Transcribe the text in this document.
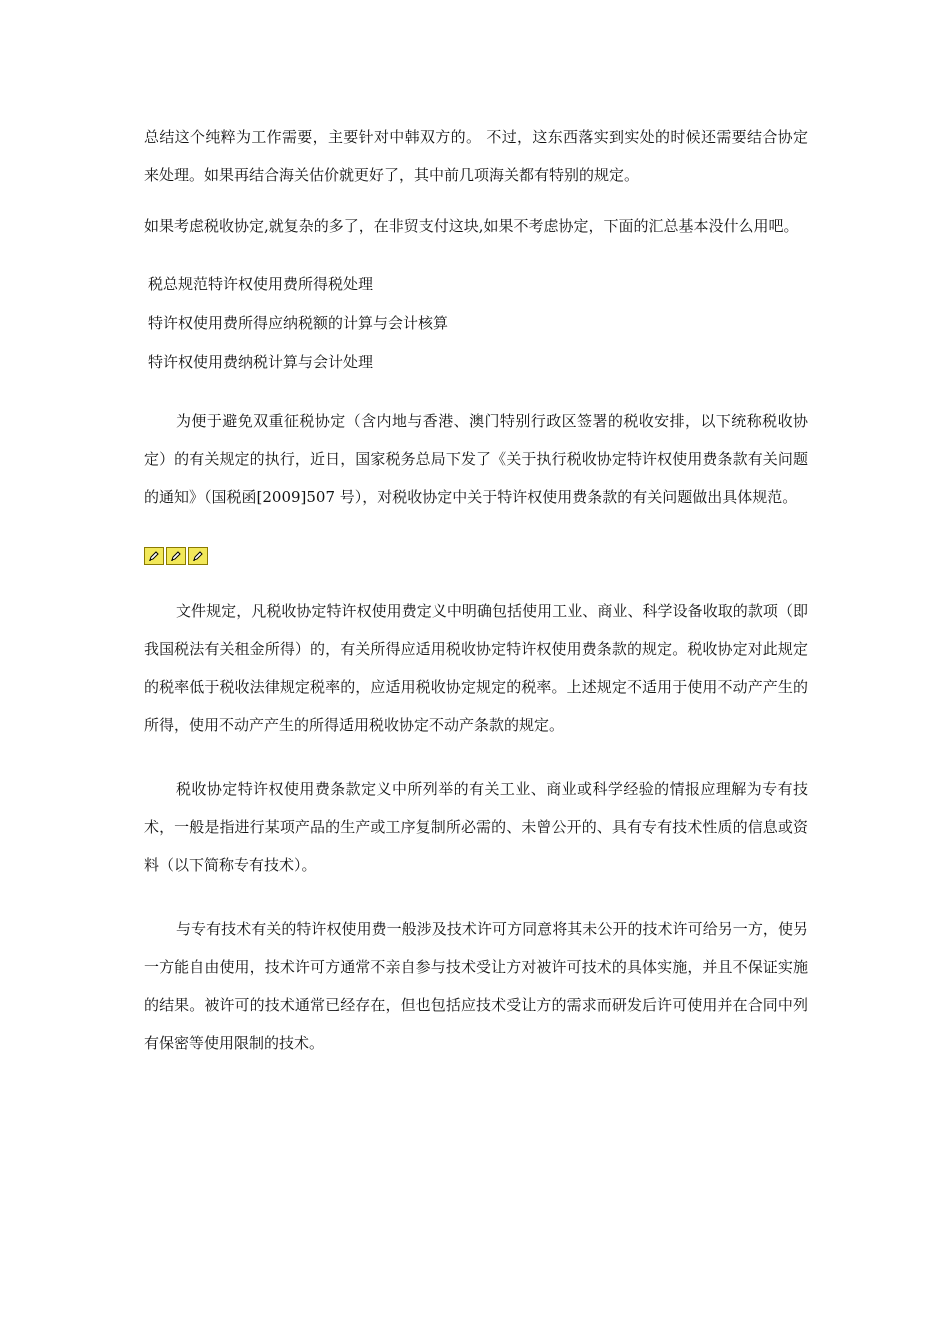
总结这个纯粹为工作需要，主要针对中韩双方的。 不过，这东西落实到实处的时候还需要结合协定来处理。如果再结合海关估价就更好了，其中前几项海关都有特别的规定。

如果考虑税收协定,就复杂的多了，在非贸支付这块,如果不考虑协定，下面的汇总基本没什么用吧。

税总规范特许权使用费所得税处理

特许权使用费所得应纳税额的计算与会计核算

特许权使用费纳税计算与会计处理

为便于避免双重征税协定（含内地与香港、澳门特别行政区签署的税收安排，以下统称税收协定）的有关规定的执行，近日，国家税务总局下发了《关于执行税收协定特许权使用费条款有关问题的通知》（国税函[2009]507 号），对税收协定中关于特许权使用费条款的有关问题做出具体规范。

文件规定，凡税收协定特许权使用费定义中明确包括使用工业、商业、科学设备收取的款项（即我国税法有关租金所得）的，有关所得应适用税收协定特许权使用费条款的规定。税收协定对此规定的税率低于税收法律规定税率的，应适用税收协定规定的税率。上述规定不适用于使用不动产产生的所得，使用不动产产生的所得适用税收协定不动产条款的规定。

税收协定特许权使用费条款定义中所列举的有关工业、商业或科学经验的情报应理解为专有技术，一般是指进行某项产品的生产或工序复制所必需的、未曾公开的、具有专有技术性质的信息或资料（以下简称专有技术）。

与专有技术有关的特许权使用费一般涉及技术许可方同意将其未公开的技术许可给另一方，使另一方能自由使用，技术许可方通常不亲自参与技术受让方对被许可技术的具体实施，并且不保证实施的结果。被许可的技术通常已经存在，但也包括应技术受让方的需求而研发后许可使用并在合同中列有保密等使用限制的技术。
